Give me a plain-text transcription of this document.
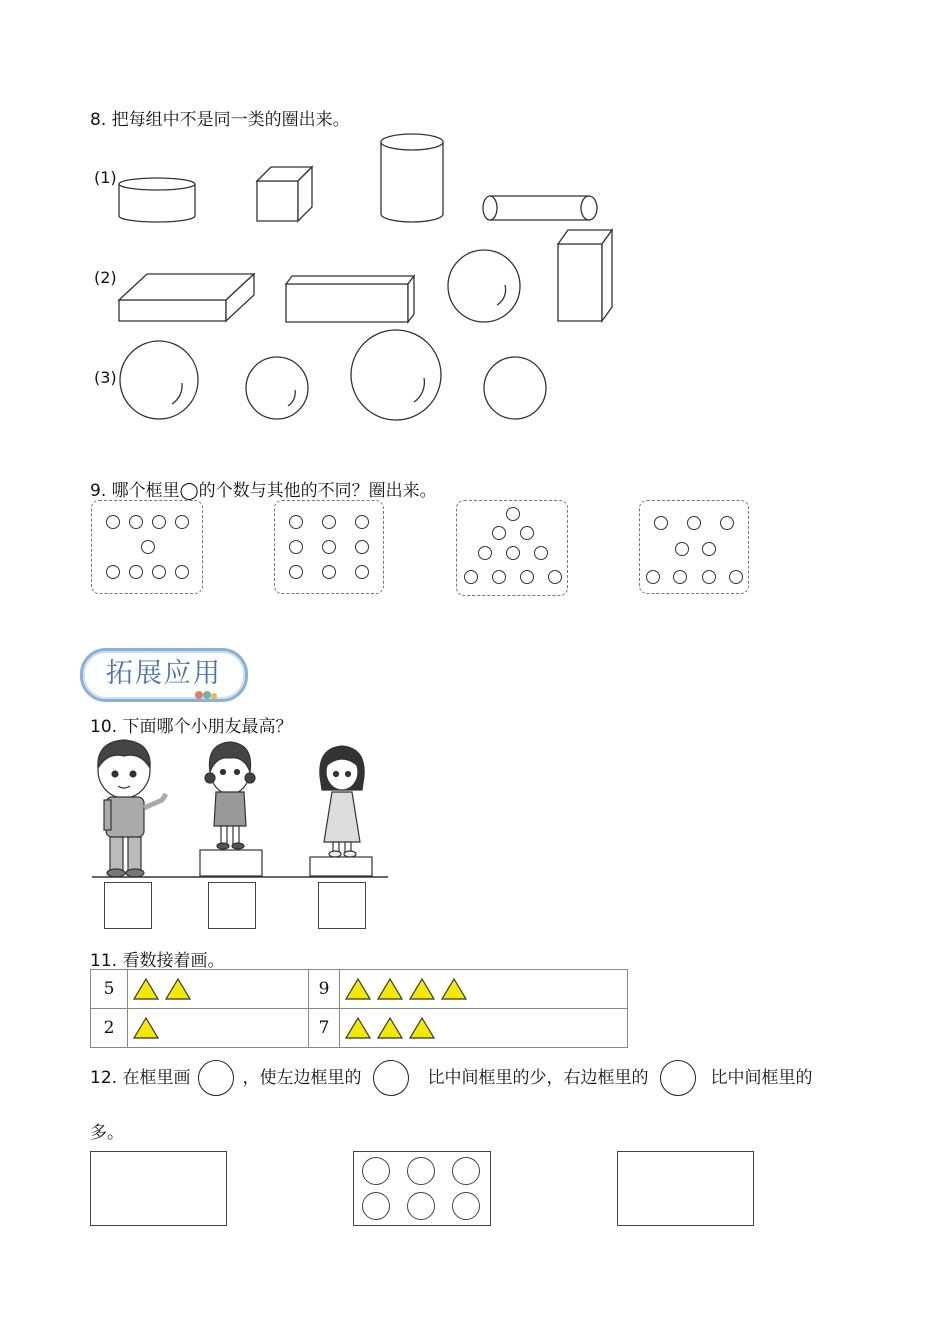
8. 把每组中不是同一类的圈出来。
(1)
(2)
(3)
9. 哪个框里◯的个数与其他的不同？圈出来。
拓展应用
10. 下面哪个小朋友最高？
11. 看数接着画。
5		9	
2		7	
12. 在框里画	，使左边框里的	比中间框里的少，右边框里的	比中间框里的
多。
